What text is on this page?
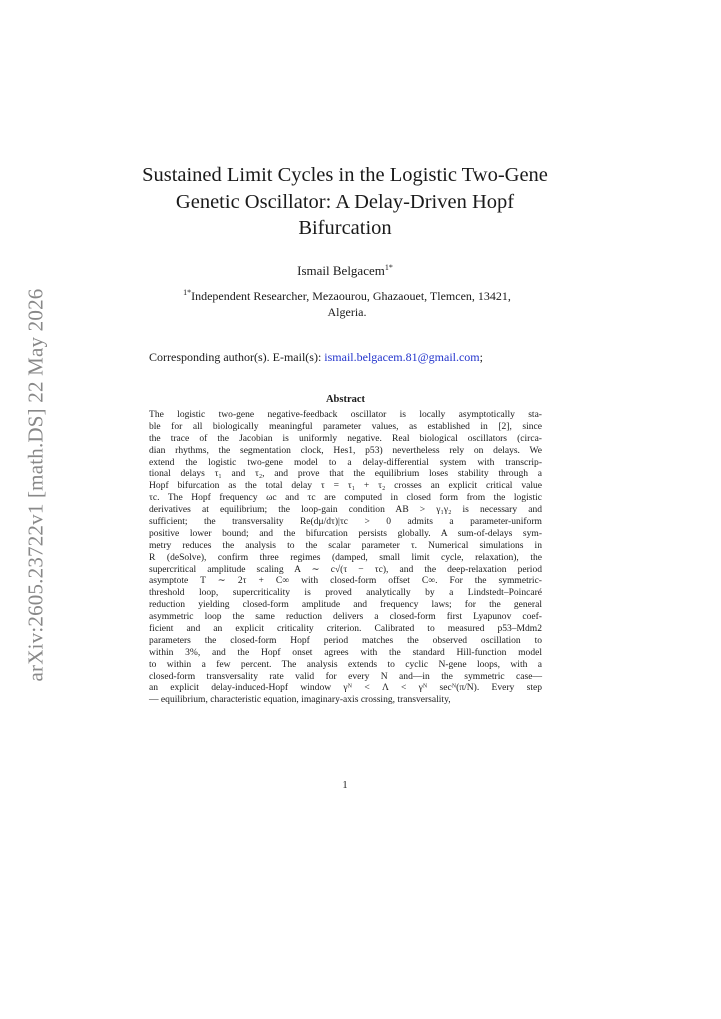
arXiv:2605.23722v1 [math.DS] 22 May 2026
Sustained Limit Cycles in the Logistic Two-Gene
Genetic Oscillator: A Delay-Driven Hopf
Bifurcation
Ismail Belgacem$^{1*}$
$^{1*}$Independent Researcher, Mezaourou, Ghazaouet, Tlemcen, 13421,
Algeria.
Corresponding author(s). E-mail(s): ismail.belgacem.81@gmail.com;
Abstract
The logistic two-gene negative-feedback oscillator is locally asymptotically sta-
ble for all biologically meaningful parameter values, as established in [2], since
the trace of the Jacobian is uniformly negative. Real biological oscillators (circa-
dian rhythms, the segmentation clock, Hes1, p53) nevertheless rely on delays. We
extend the logistic two-gene model to a delay-differential system with transcrip-
tional delays τ₁ and τ₂, and prove that the equilibrium loses stability through a
Hopf bifurcation as the total delay τ = τ₁ + τ₂ crosses an explicit critical value
τc. The Hopf frequency ωc and τc are computed in closed form from the logistic
derivatives at equilibrium; the loop-gain condition AB > γ₁γ₂ is necessary and
sufficient; the transversality Re(dμ/dτ)|τc > 0 admits a parameter-uniform
positive lower bound; and the bifurcation persists globally. A sum-of-delays sym-
metry reduces the analysis to the scalar parameter τ. Numerical simulations in
R (deSolve), confirm three regimes (damped, small limit cycle, relaxation), the
supercritical amplitude scaling A ∼ c√(τ − τc), and the deep-relaxation period
asymptote T ∼ 2τ + C∞ with closed-form offset C∞. For the symmetric-
threshold loop, supercriticality is proved analytically by a Lindstedt–Poincaré
reduction yielding closed-form amplitude and frequency laws; for the general
asymmetric loop the same reduction delivers a closed-form first Lyapunov coef-
ficient and an explicit criticality criterion. Calibrated to measured p53–Mdm2
parameters the closed-form Hopf period matches the observed oscillation to
within 3%, and the Hopf onset agrees with the standard Hill-function model
to within a few percent. The analysis extends to cyclic N-gene loops, with a
closed-form transversality rate valid for every N and—in the symmetric case—
an explicit delay-induced-Hopf window γᴺ < Λ < γᴺ secᴺ(π/N). Every step
— equilibrium, characteristic equation, imaginary-axis crossing, transversality,
1
